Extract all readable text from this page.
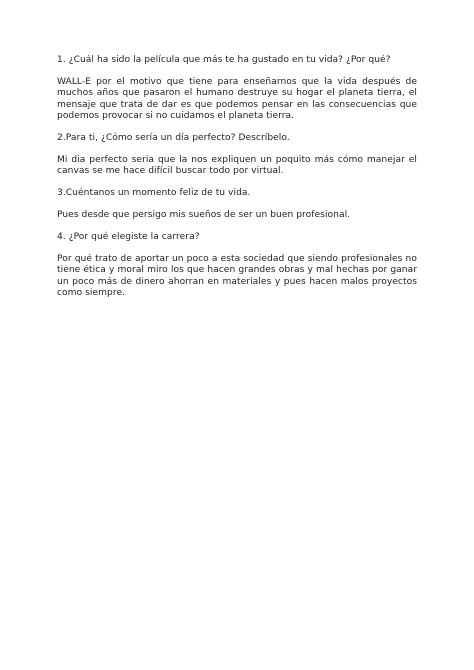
1. ¿Cuál ha sido la película que más te ha gustado en tu vida? ¿Por qué?

WALL-E por el motivo que tiene para enseñarnos que la vida después de muchos años que pasaron el humano destruye su hogar el planeta tierra, el mensaje que trata de dar es que podemos pensar en las consecuencias que podemos provocar si no cuidamos el planeta tierra.

2.Para ti, ¿Cómo sería un día perfecto? Descríbelo.

Mi dia perfecto seria que la nos expliquen un poquito más cómo manejar el canvas se me hace difícil buscar todo por virtual.

3.Cuéntanos un momento feliz de tu vida.

Pues desde que persigo mis sueños de ser un buen profesional.

4. ¿Por qué elegiste la carrera?

Por qué trato de aportar un poco a esta sociedad que siendo profesionales no tiene ética y moral miro los que hacen grandes obras y mal hechas por ganar un poco más de dinero ahorran en materiales y pues hacen malos proyectos como siempre.
